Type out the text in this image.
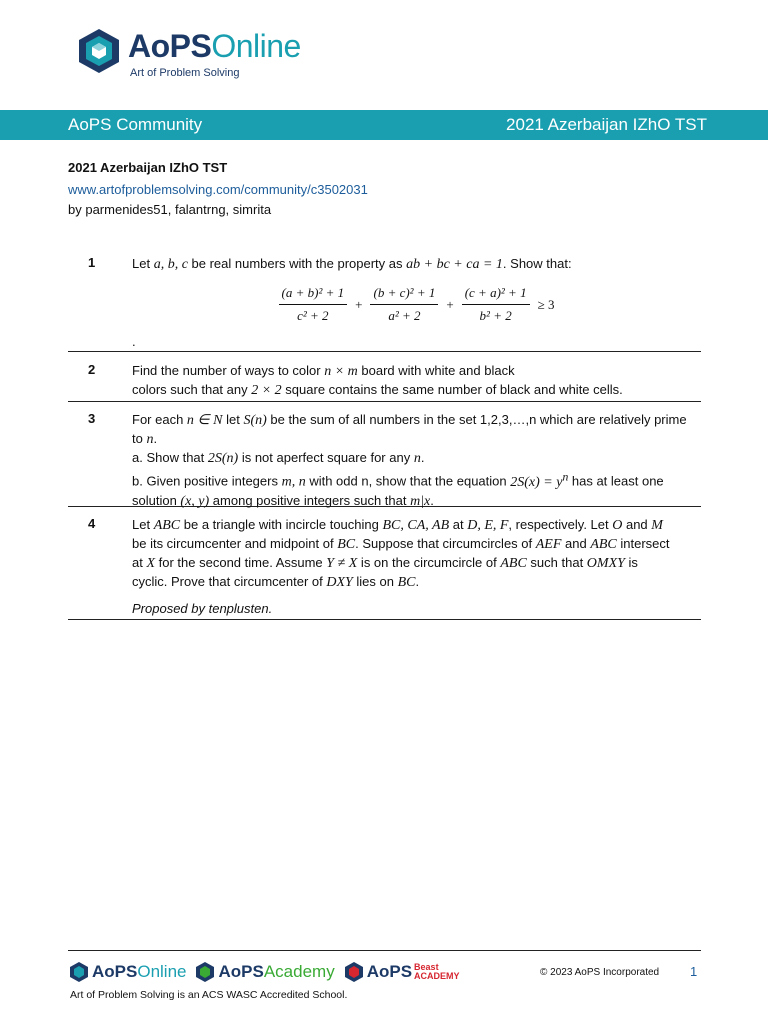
AoPSOnline
Art of Problem Solving
AoPS Community	2021 Azerbaijan IZhO TST
2021 Azerbaijan IZhO TST
www.artofproblemsolving.com/community/c3502031
by parmenides51, falantrng, simrita
1	Let a, b, c be real numbers with the property as ab + bc + ca = 1. Show that:
$\frac{\text{(a + b)² + 1}}{\text{c² + 2}} + \frac{\text{(b + c)² + 1}}{\text{a² + 2}} + \frac{\text{(c + a)² + 1}}{\text{b² + 2}} \ge 3$
.
2	Find the number of ways to color n × m board with white and black
colors such that any 2 × 2 square contains the same number of black and white cells.
3	For each n ∈ N let S(n) be the sum of all numbers in the set 1,2,3,…,n which are relatively prime
to n.
a. Show that 2S(n) is not aperfect square for any n.
b. Given positive integers m, n with odd n, show that the equation $2S(x) = y^n$ has at least one
solution (x, y) among positive integers such that m|x.
4	Let ABC be a triangle with incircle touching BC, CA, AB at D, E, F, respectively. Let O and M
be its circumcenter and midpoint of BC. Suppose that circumcircles of AEF and ABC intersect
at X for the second time. Assume Y ≠ X is on the circumcircle of ABC such that OMXY is
cyclic. Prove that circumcenter of DXY lies on BC.
Proposed by tenplusten.
AoPS Online AoPS Academy AoPS Beast
ACADEMY	© 2023 AoPS Incorporated 1
Art of Problem Solving is an ACS WASC Accredited School.
